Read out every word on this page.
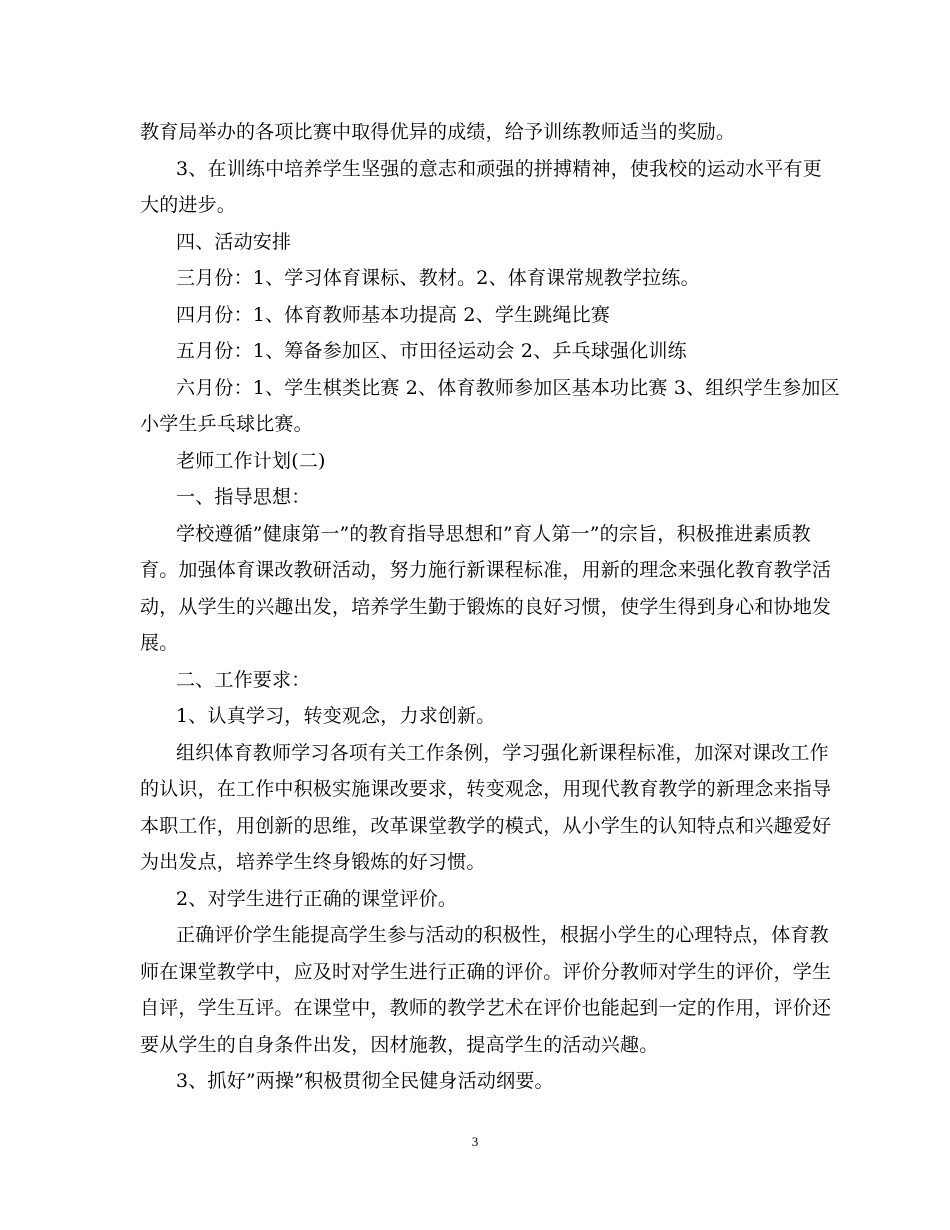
教育局举办的各项比赛中取得优异的成绩，给予训练教师适当的奖励。
3、在训练中培养学生坚强的意志和顽强的拼搏精神，使我校的运动水平有更
大的进步。
四、活动安排
三月份：1、学习体育课标、教材。2、体育课常规教学拉练。
四月份：1、体育教师基本功提高 2、学生跳绳比赛
五月份：1、筹备参加区、市田径运动会 2、乒乓球强化训练
六月份：1、学生棋类比赛 2、体育教师参加区基本功比赛 3、组织学生参加区
小学生乒乓球比赛。
老师工作计划(二)
一、指导思想：
学校遵循”健康第一”的教育指导思想和”育人第一”的宗旨，积极推进素质教
育。加强体育课改教研活动，努力施行新课程标准，用新的理念来强化教育教学活
动，从学生的兴趣出发，培养学生勤于锻炼的良好习惯，使学生得到身心和协地发
展。
二、工作要求：
1、认真学习，转变观念，力求创新。
组织体育教师学习各项有关工作条例，学习强化新课程标准，加深对课改工作
的认识，在工作中积极实施课改要求，转变观念，用现代教育教学的新理念来指导
本职工作，用创新的思维，改革课堂教学的模式，从小学生的认知特点和兴趣爱好
为出发点，培养学生终身锻炼的好习惯。
2、对学生进行正确的课堂评价。
正确评价学生能提高学生参与活动的积极性，根据小学生的心理特点，体育教
师在课堂教学中，应及时对学生进行正确的评价。评价分教师对学生的评价，学生
自评，学生互评。在课堂中，教师的教学艺术在评价也能起到一定的作用，评价还
要从学生的自身条件出发，因材施教，提高学生的活动兴趣。
3、抓好”两操”积极贯彻全民健身活动纲要。
3
